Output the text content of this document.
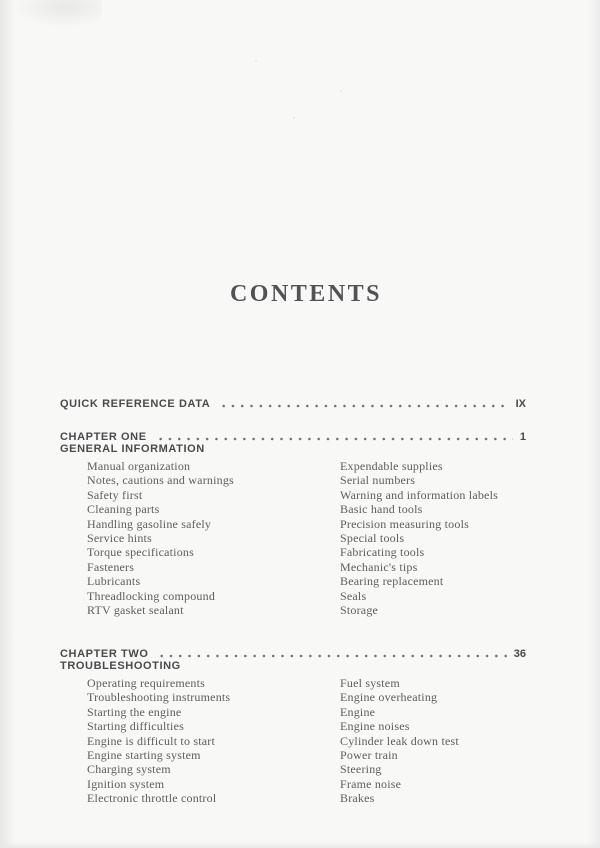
CONTENTS
QUICK REFERENCE DATA	IX
CHAPTER ONE	1
GENERAL INFORMATION
Manual organization
Notes, cautions and warnings
Safety first
Cleaning parts
Handling gasoline safely
Service hints
Torque specifications
Fasteners
Lubricants
Threadlocking compound
RTV gasket sealant
Expendable supplies
Serial numbers
Warning and information labels
Basic hand tools
Precision measuring tools
Special tools
Fabricating tools
Mechanic's tips
Bearing replacement
Seals
Storage
CHAPTER TWO	36
TROUBLESHOOTING
Operating requirements
Troubleshooting instruments
Starting the engine
Starting difficulties
Engine is difficult to start
Engine starting system
Charging system
Ignition system
Electronic throttle control
Fuel system
Engine overheating
Engine
Engine noises
Cylinder leak down test
Power train
Steering
Frame noise
Brakes
